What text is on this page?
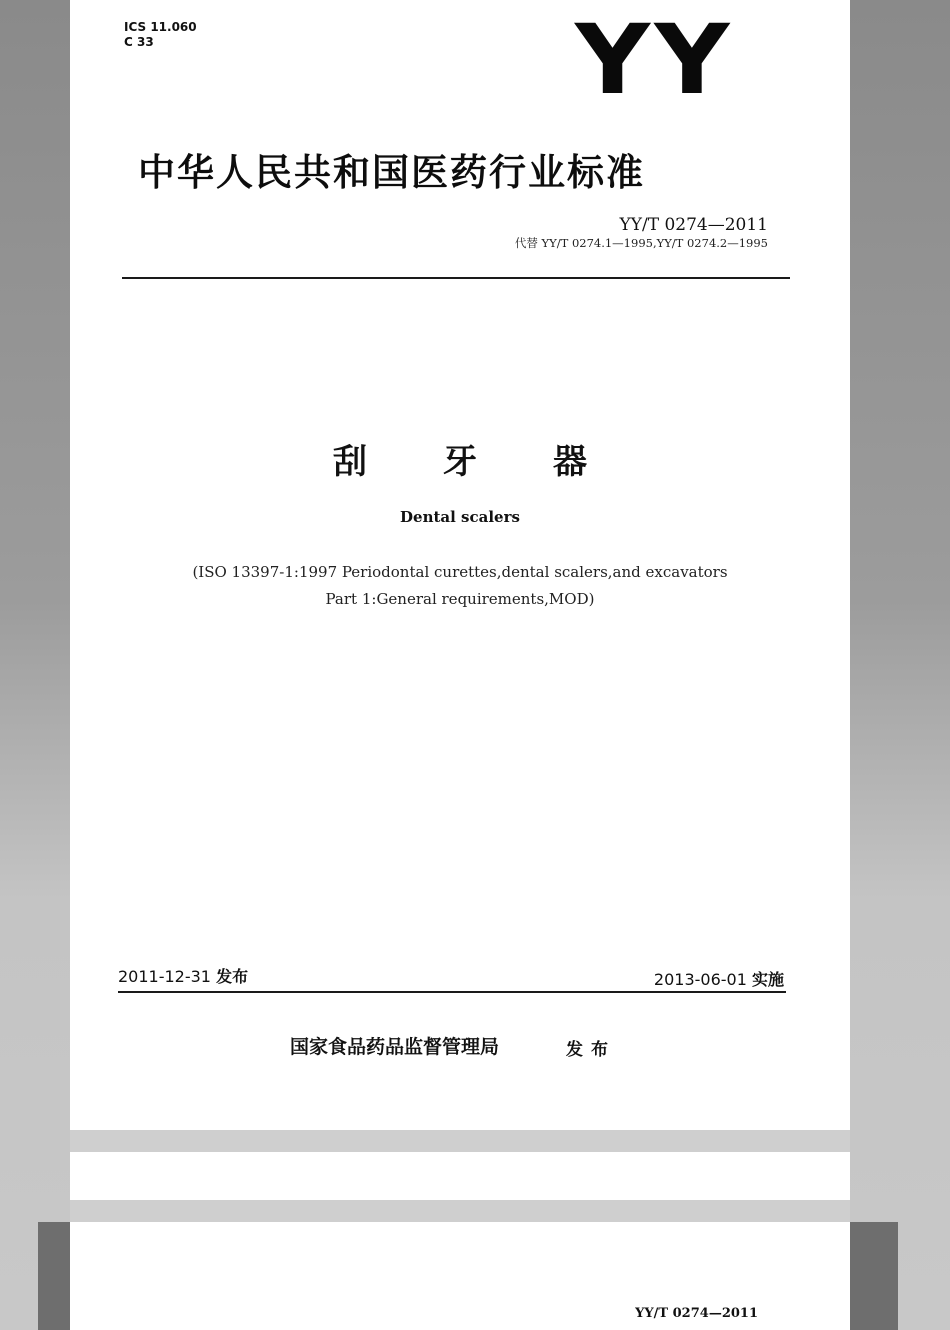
ICS 11.060
C 33	YY
中华人民共和国医药行业标准
YY/T 0274—2011
代替 YY/T 0274.1—1995,YY/T 0274.2—1995
刮牙器
Dental scalers
(ISO 13397-1:1997 Periodontal curettes,dental scalers,and excavators
Part 1:General requirements,MOD)
2011-12-31 发布	2013-06-01 实施
国家食品药品监督管理局	发布
YY/T 0274—2011
